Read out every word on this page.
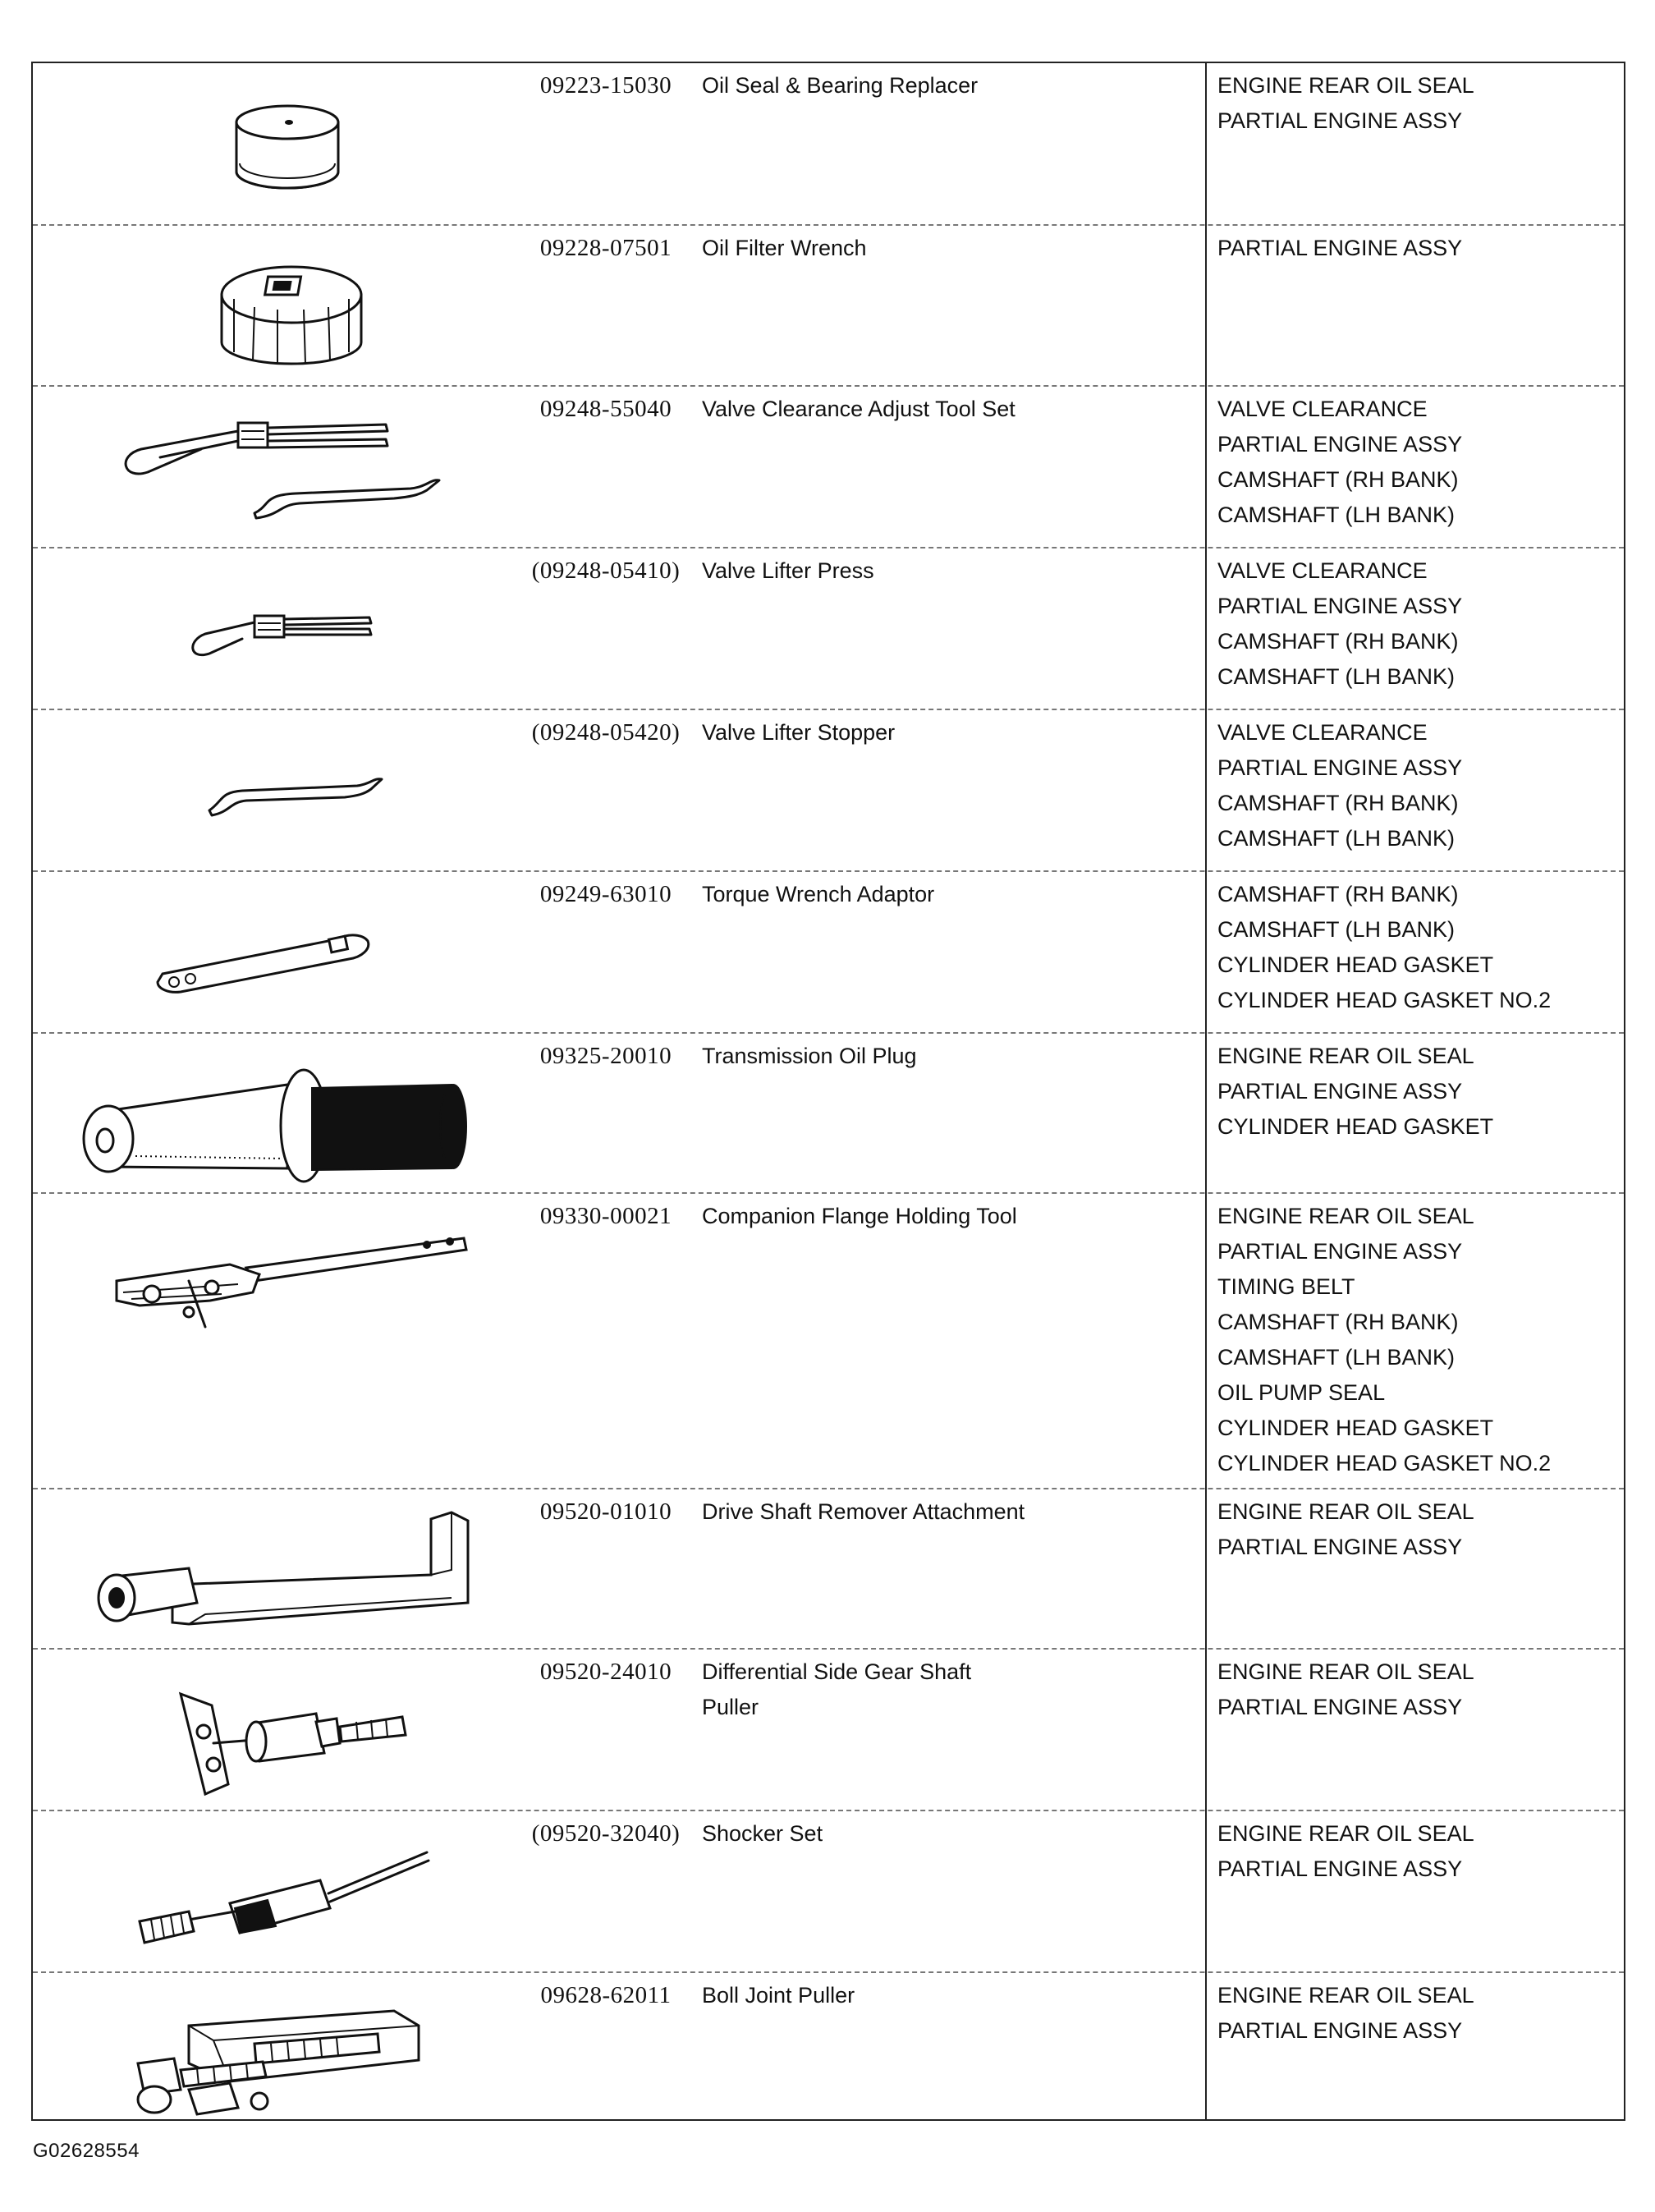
09223-15030	Oil Seal & Bearing Replacer	ENGINE REAR OIL SEAL
PARTIAL ENGINE ASSY
09228-07501	Oil Filter Wrench	PARTIAL ENGINE ASSY
09248-55040	Valve Clearance Adjust Tool Set	VALVE CLEARANCE
PARTIAL ENGINE ASSY
CAMSHAFT (RH BANK)
CAMSHAFT (LH BANK)
(09248-05410) Valve Lifter Press	VALVE CLEARANCE
PARTIAL ENGINE ASSY
CAMSHAFT (RH BANK)
CAMSHAFT (LH BANK)
(09248-05420) Valve Lifter Stopper	VALVE CLEARANCE
PARTIAL ENGINE ASSY
CAMSHAFT (RH BANK)
CAMSHAFT (LH BANK)
09249-63010	Torque Wrench Adaptor	CAMSHAFT (RH BANK)
CAMSHAFT (LH BANK)
CYLINDER HEAD GASKET
CYLINDER HEAD GASKET NO.2
09325-20010	Transmission Oil Plug	ENGINE REAR OIL SEAL
PARTIAL ENGINE ASSY
CYLINDER HEAD GASKET
09330-00021	Companion Flange Holding Tool	ENGINE REAR OIL SEAL
PARTIAL ENGINE ASSY
TIMING BELT
CAMSHAFT (RH BANK)
CAMSHAFT (LH BANK)
OIL PUMP SEAL
CYLINDER HEAD GASKET
CYLINDER HEAD GASKET NO.2
09520-01010	Drive Shaft Remover Attachment	ENGINE REAR OIL SEAL
PARTIAL ENGINE ASSY
09520-24010	Differential Side Gear Shaft
Puller
ENGINE REAR OIL SEAL
PARTIAL ENGINE ASSY
(09520-32040) Shocker Set	ENGINE REAR OIL SEAL
PARTIAL ENGINE ASSY
09628-62011	Boll Joint Puller	ENGINE REAR OIL SEAL
PARTIAL ENGINE ASSY
G02628554
